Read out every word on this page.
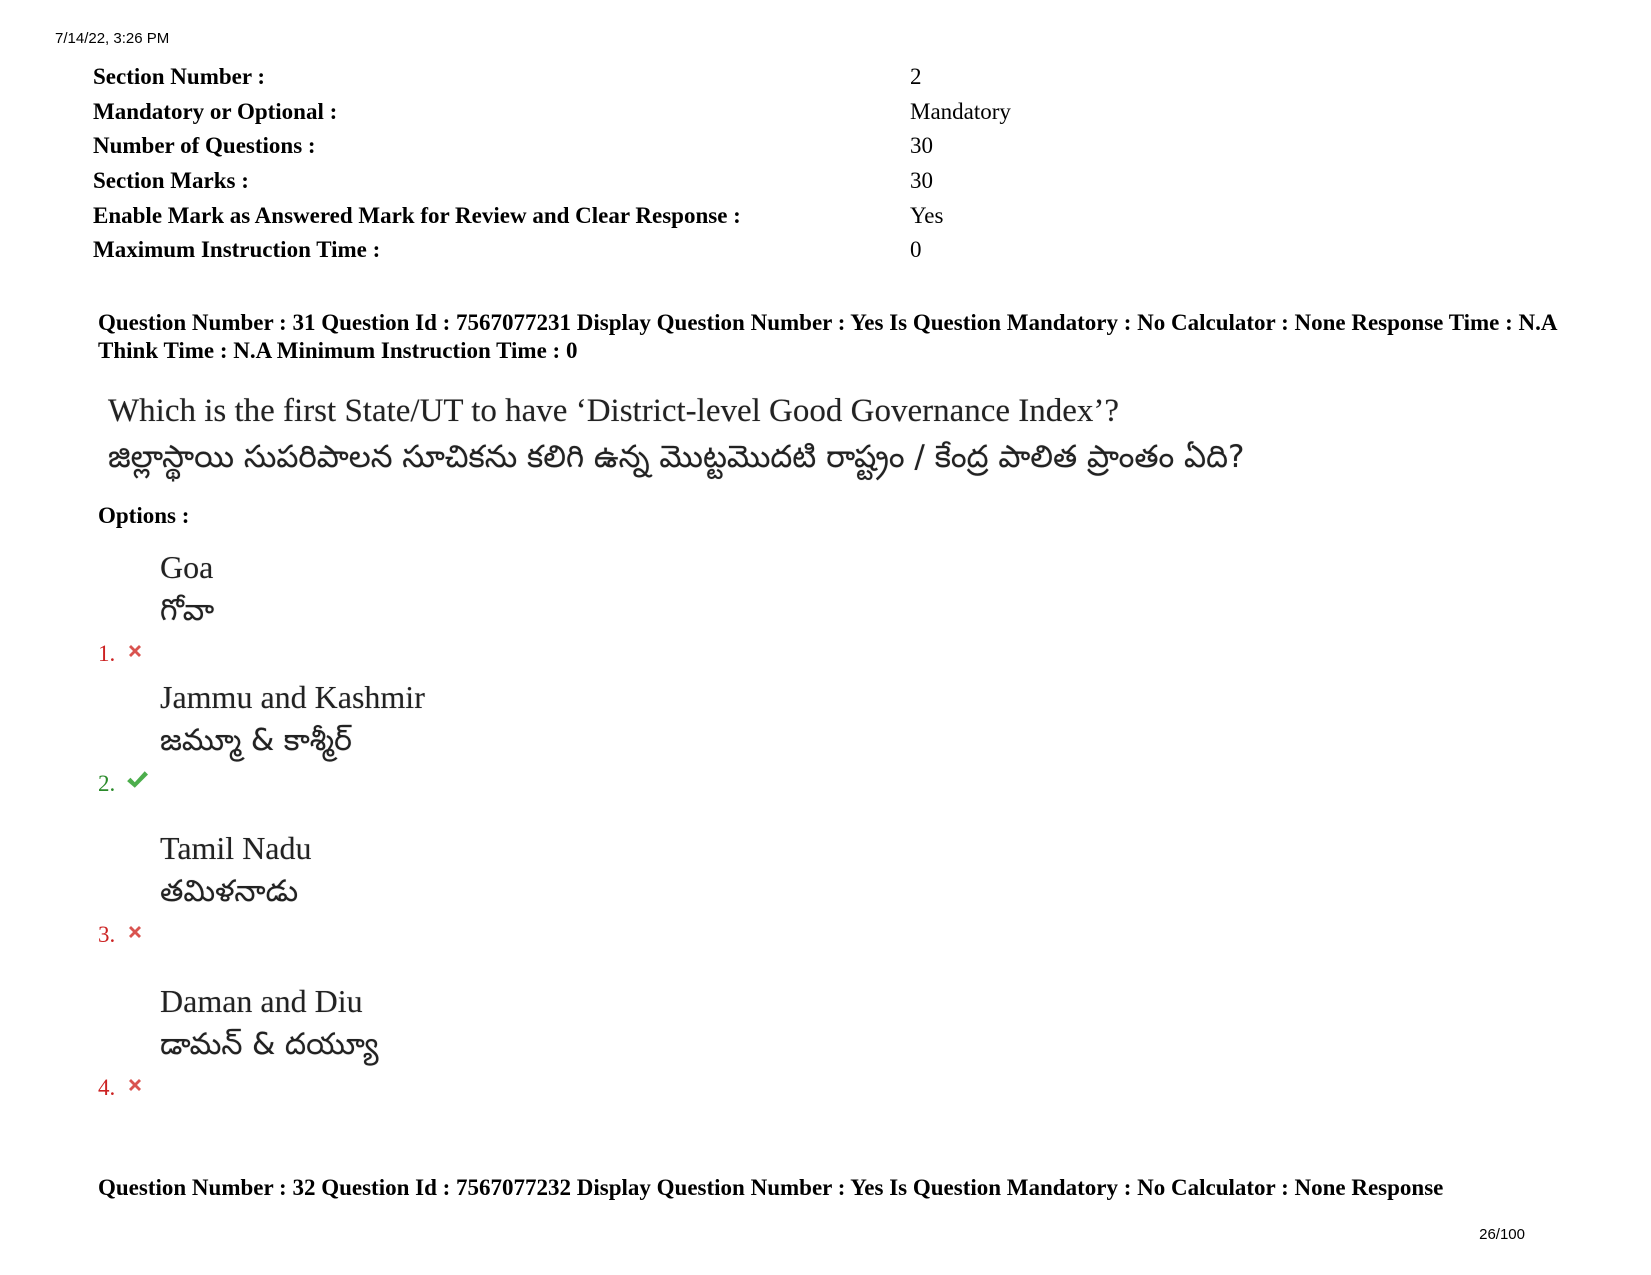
7/14/22, 3:26 PM
Section Number :	2
Mandatory or Optional :	Mandatory
Number of Questions :	30
Section Marks :	30
Enable Mark as Answered Mark for Review and Clear Response :	Yes
Maximum Instruction Time :	0
Question Number : 31 Question Id : 7567077231 Display Question Number : Yes Is Question Mandatory : No Calculator : None Response Time : N.A Think Time : N.A Minimum Instruction Time : 0
Which is the first State/UT to have ‘District-level Good Governance Index’?
జిల్లాస్థాయి సుపరిపాలన సూచికను కలిగి ఉన్న మొట్టమొదటి రాష్ట్రం / కేంద్ర పాలిత ప్రాంతం ఏది?
Options :
1.
Goa
గోవా
2.
Jammu and Kashmir
జమ్మూ & కాశ్మీర్
3.
Tamil Nadu
తమిళనాడు
4.
Daman and Diu
డామన్ & దయ్యూ
Question Number : 32 Question Id : 7567077232 Display Question Number : Yes Is Question Mandatory : No Calculator : None Response
26/100
